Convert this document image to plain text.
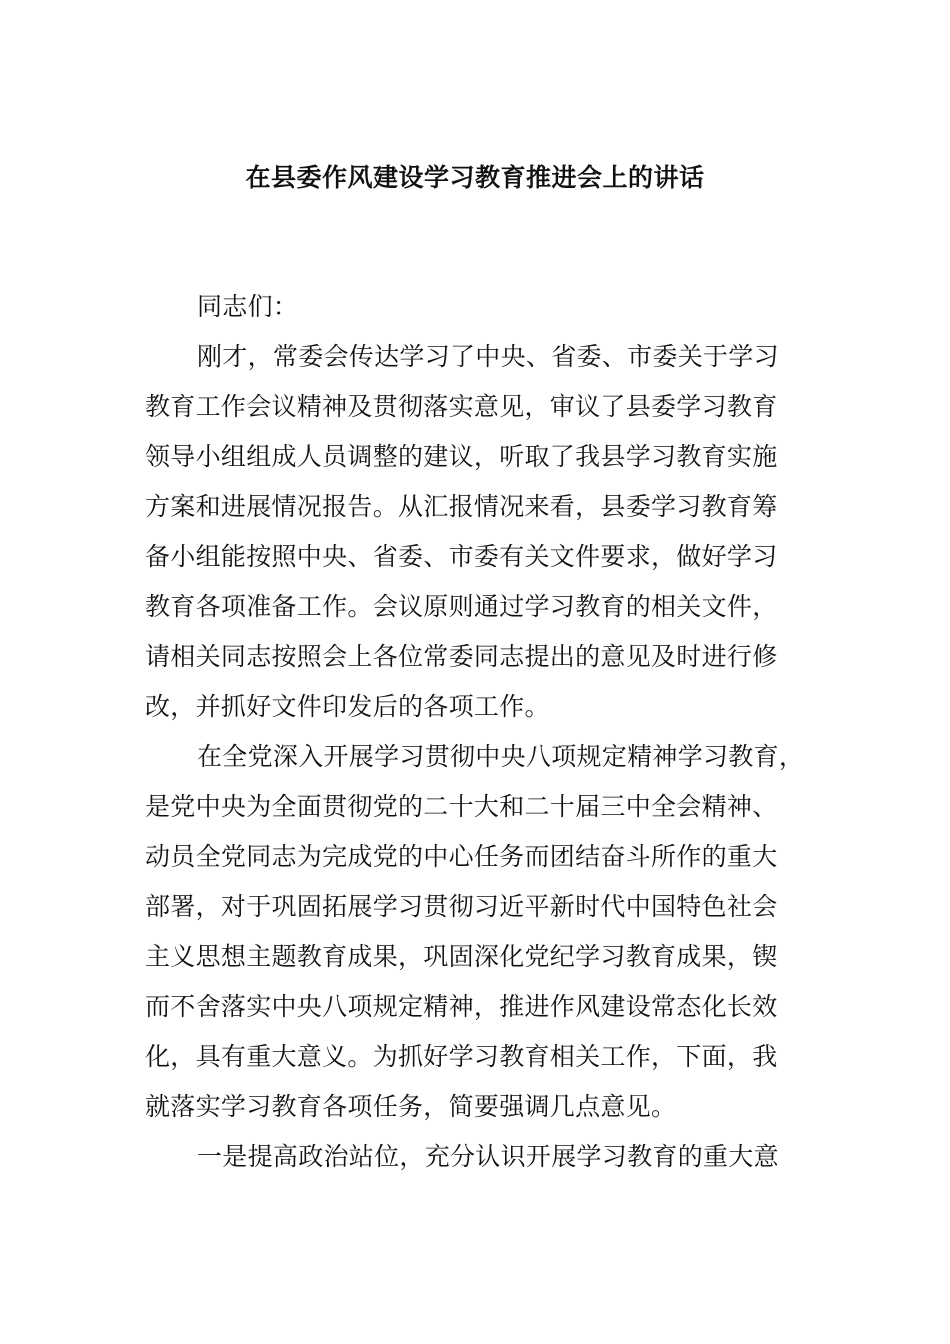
在县委作风建设学习教育推进会上的讲话
同志们：
刚才，常委会传达学习了中央、省委、市委关于学习
教育工作会议精神及贯彻落实意见，审议了县委学习教育
领导小组组成人员调整的建议，听取了我县学习教育实施
方案和进展情况报告。从汇报情况来看，县委学习教育筹
备小组能按照中央、省委、市委有关文件要求，做好学习
教育各项准备工作。会议原则通过学习教育的相关文件，
请相关同志按照会上各位常委同志提出的意见及时进行修
改，并抓好文件印发后的各项工作。
在全党深入开展学习贯彻中央八项规定精神学习教育，
是党中央为全面贯彻党的二十大和二十届三中全会精神、
动员全党同志为完成党的中心任务而团结奋斗所作的重大
部署，对于巩固拓展学习贯彻习近平新时代中国特色社会
主义思想主题教育成果，巩固深化党纪学习教育成果，锲
而不舍落实中央八项规定精神，推进作风建设常态化长效
化，具有重大意义。为抓好学习教育相关工作，下面，我
就落实学习教育各项任务，简要强调几点意见。
一是提高政治站位，充分认识开展学习教育的重大意
